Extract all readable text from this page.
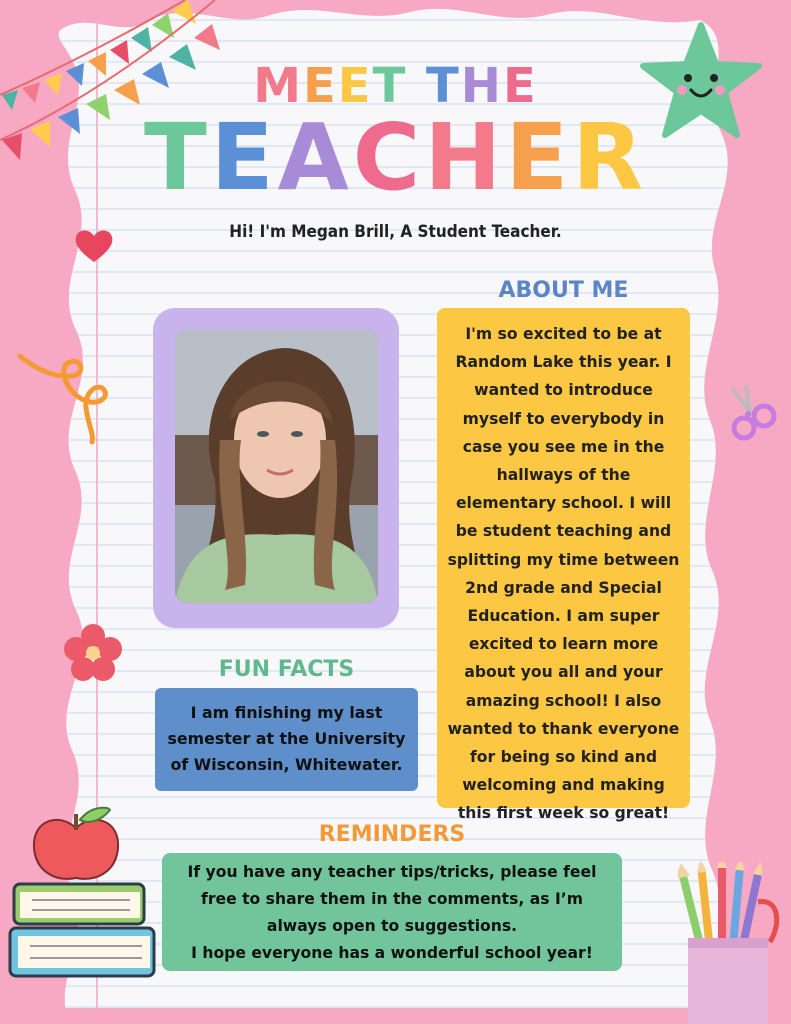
MEET THE
TEACHER
Hi! I'm Megan Brill, A Student Teacher.
ABOUT ME
I'm so excited to be at Random Lake this year. I wanted to introduce myself to everybody in case you see me in the hallways of the elementary school. I will be student teaching and splitting my time between 2nd grade and Special Education. I am super excited to learn more about you all and your amazing school! I also wanted to thank everyone for being so kind and welcoming and making this first week so great!
FUN FACTS
I am finishing my last semester at the University of Wisconsin, Whitewater.
REMINDERS
If you have any teacher tips/tricks, please feel free to share them in the comments, as I’m always open to suggestions.
I hope everyone has a wonderful school year!
